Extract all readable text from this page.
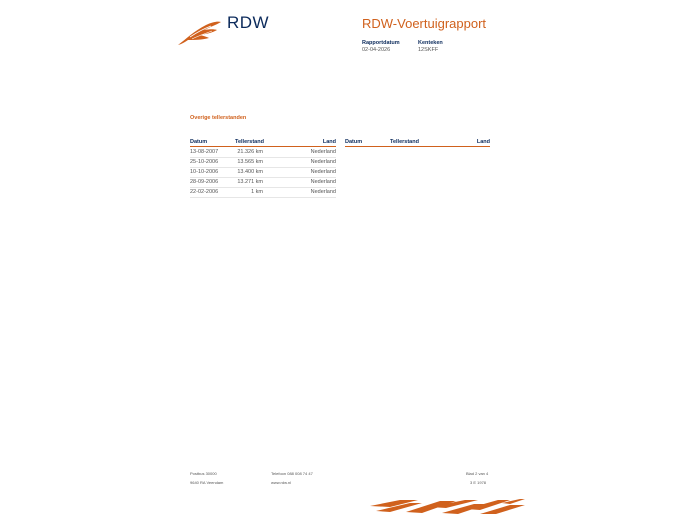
RDW	RDW-Voertuigrapport
Rapportdatum
02-04-2026
Kenteken
12SKFF
Overige tellerstanden
Datum	Tellerstand	Land
13-08-2007	21.326 km	Nederland
25-10-2006	13.565 km	Nederland
10-10-2006	13.400 km	Nederland
28-09-2006	13.271 km	Nederland
22-02-2006	1 km	Nederland
Datum	Tellerstand	Land
Postbus 30000
9640 RA Veendam
Telefoon 088 008 74 47
www.rdw.nl
Blad 2 van 4
3 E 1978
